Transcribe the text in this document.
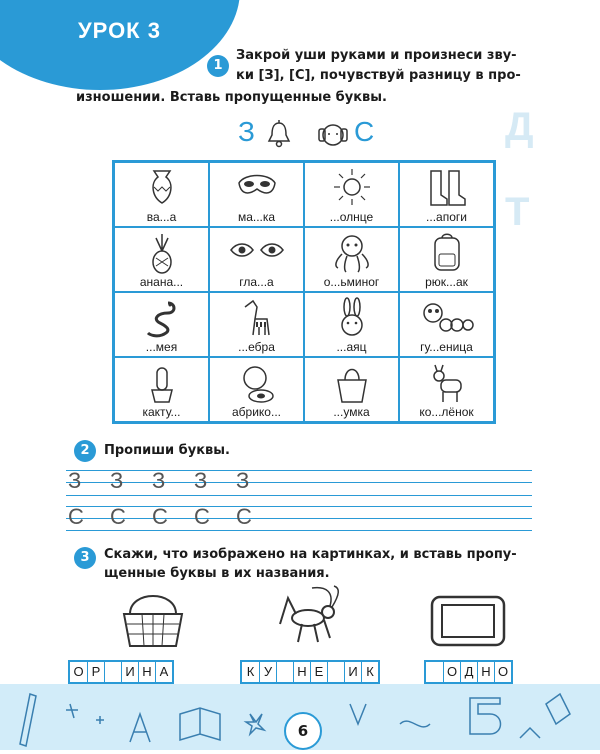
Д
Т
УРОК 3
1
Закрой уши руками и произнеси зву-
ки [З], [С], почувствуй разницу в про-
изношении. Вставь пропущенные буквы.
З	С
ва...а	ма...ка	...олнце	...апоги
анана...	гла...а	о...ьминог	рюк...ак
...мея	...ебра	...аяц	гу...еница
какту...	абрико...	...умка	ко...лёнок
2	Пропиши буквы.
З З З З З
С С С С С
3	Скажи, что изображено на картинках, и вставь пропу-
щенные буквы в их названия.
О Р	И Н А	К У	Н Е	И К	О Д Н О
6
